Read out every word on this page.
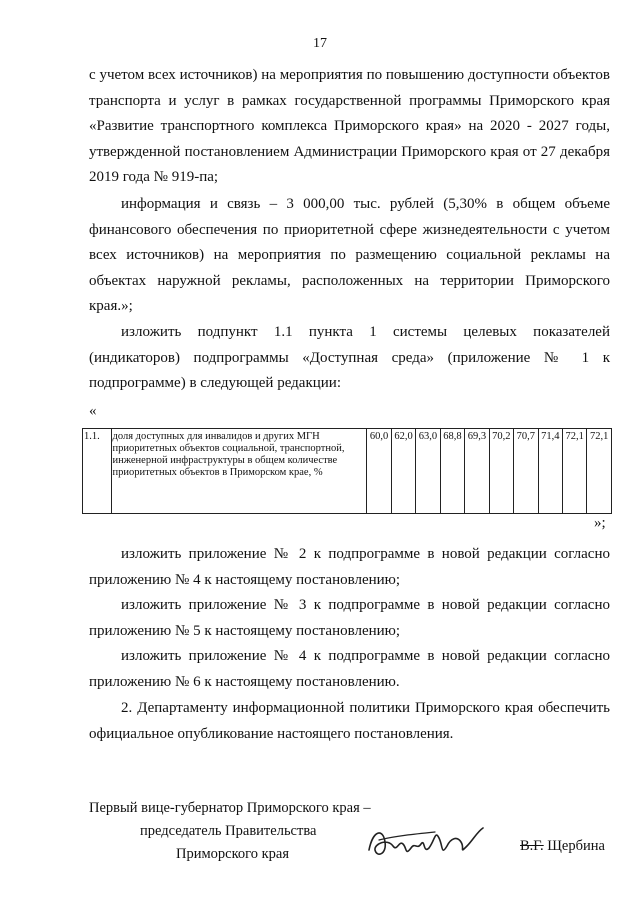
17
с учетом всех источников) на мероприятия по повышению доступности объектов транспорта и услуг в рамках государственной программы Приморского края «Развитие транспортного комплекса Приморского края» на 2020 - 2027 годы, утвержденной постановлением Администрации Приморского края от 27 декабря 2019 года № 919-па;
информация и связь – 3 000,00 тыс. рублей (5,30% в общем объеме финансового обеспечения по приоритетной сфере жизнедеятельности с учетом всех источников) на мероприятия по размещению социальной рекламы на объектах наружной рекламы, расположенных на территории Приморского края.»;
изложить подпункт 1.1 пункта 1 системы целевых показателей (индикаторов) подпрограммы «Доступная среда» (приложение № 1 к подпрограмме) в следующей редакции:
«
1.1.	доля доступных для инвалидов и других МГН приоритетных объектов социальной, транспортной, инженерной инфраструктуры в общем количестве приоритетных объектов в Приморском крае, %	60,0	62,0	63,0	68,8	69,3	70,2	70,7	71,4	72,1	72,1
»;
изложить приложение № 2 к подпрограмме в новой редакции согласно приложению № 4 к настоящему постановлению;
изложить приложение № 3 к подпрограмме в новой редакции согласно приложению № 5 к настоящему постановлению;
изложить приложение № 4 к подпрограмме в новой редакции согласно приложению № 6 к настоящему постановлению.
2. Департаменту информационной политики Приморского края обеспечить официальное опубликование настоящего постановления.
Первый вице-губернатор Приморского края –
председатель Правительства
Приморского края	В.Г. Щербина
